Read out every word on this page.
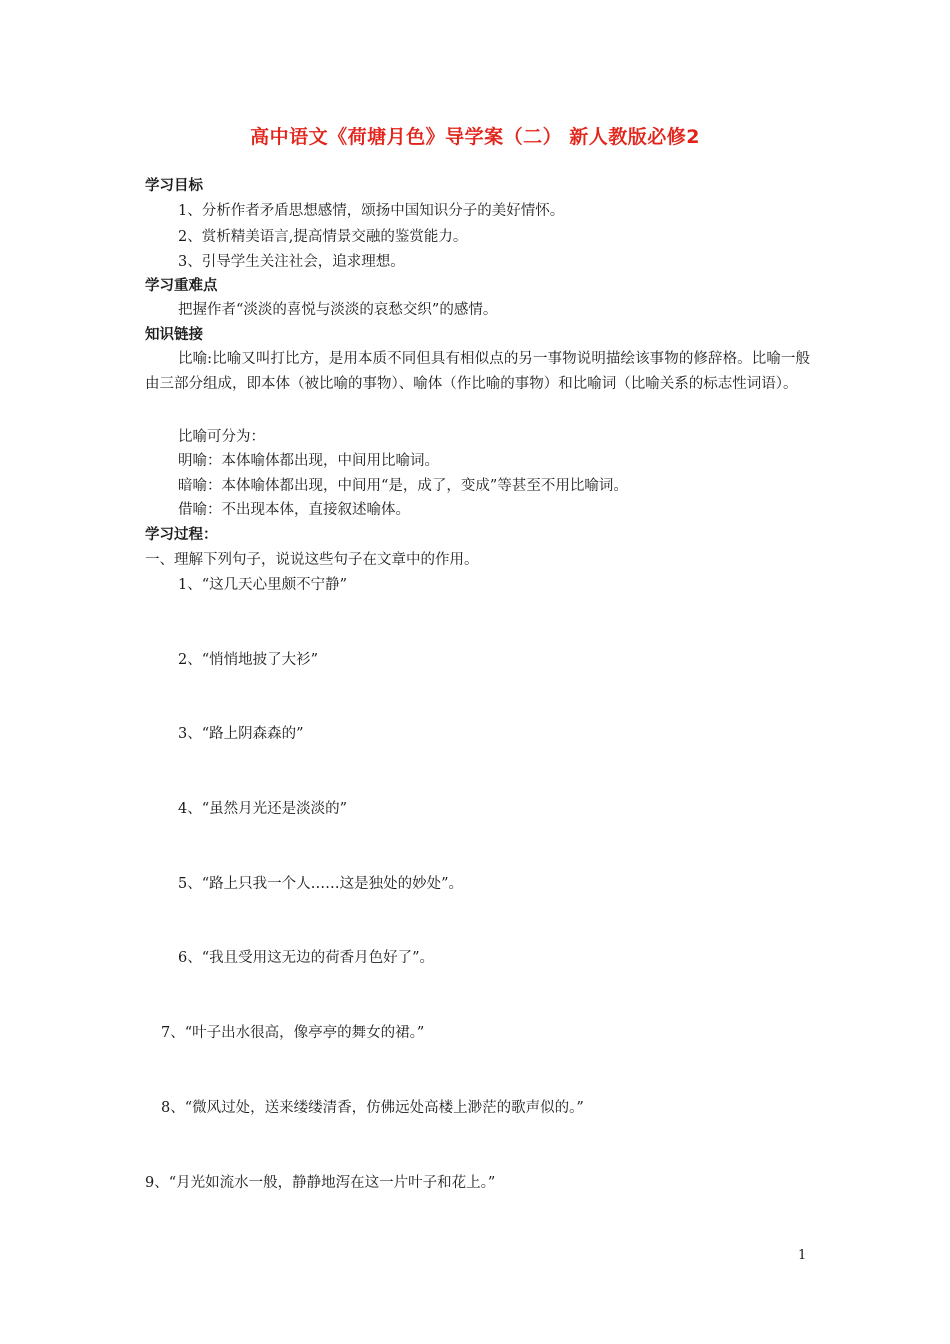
高中语文《荷塘月色》导学案（二） 新人教版必修2
学习目标
1、分析作者矛盾思想感情，颂扬中国知识分子的美好情怀。
2、赏析精美语言,提高情景交融的鉴赏能力。
3、引导学生关注社会，追求理想。
学习重难点
把握作者“淡淡的喜悦与淡淡的哀愁交织”的感情。
知识链接
比喻:比喻又叫打比方，是用本质不同但具有相似点的另一事物说明描绘该事物的修辞格。比喻一般由三部分组成，即本体（被比喻的事物）、喻体（作比喻的事物）和比喻词（比喻关系的标志性词语）。
比喻可分为：
明喻：本体喻体都出现，中间用比喻词。
暗喻：本体喻体都出现，中间用“是，成了，变成”等甚至不用比喻词。
借喻：不出现本体，直接叙述喻体。
学习过程：
一、理解下列句子，说说这些句子在文章中的作用。
1、“这几天心里颇不宁静”
2、“悄悄地披了大衫”
3、“路上阴森森的”
4、“虽然月光还是淡淡的”
5、“路上只我一个人……这是独处的妙处”。
6、“我且受用这无边的荷香月色好了”。
7、“叶子出水很高，像亭亭的舞女的裙。”
8、“微风过处，送来缕缕清香，仿佛远处高楼上渺茫的歌声似的。”
9、“月光如流水一般，静静地泻在这一片叶子和花上。”
1
